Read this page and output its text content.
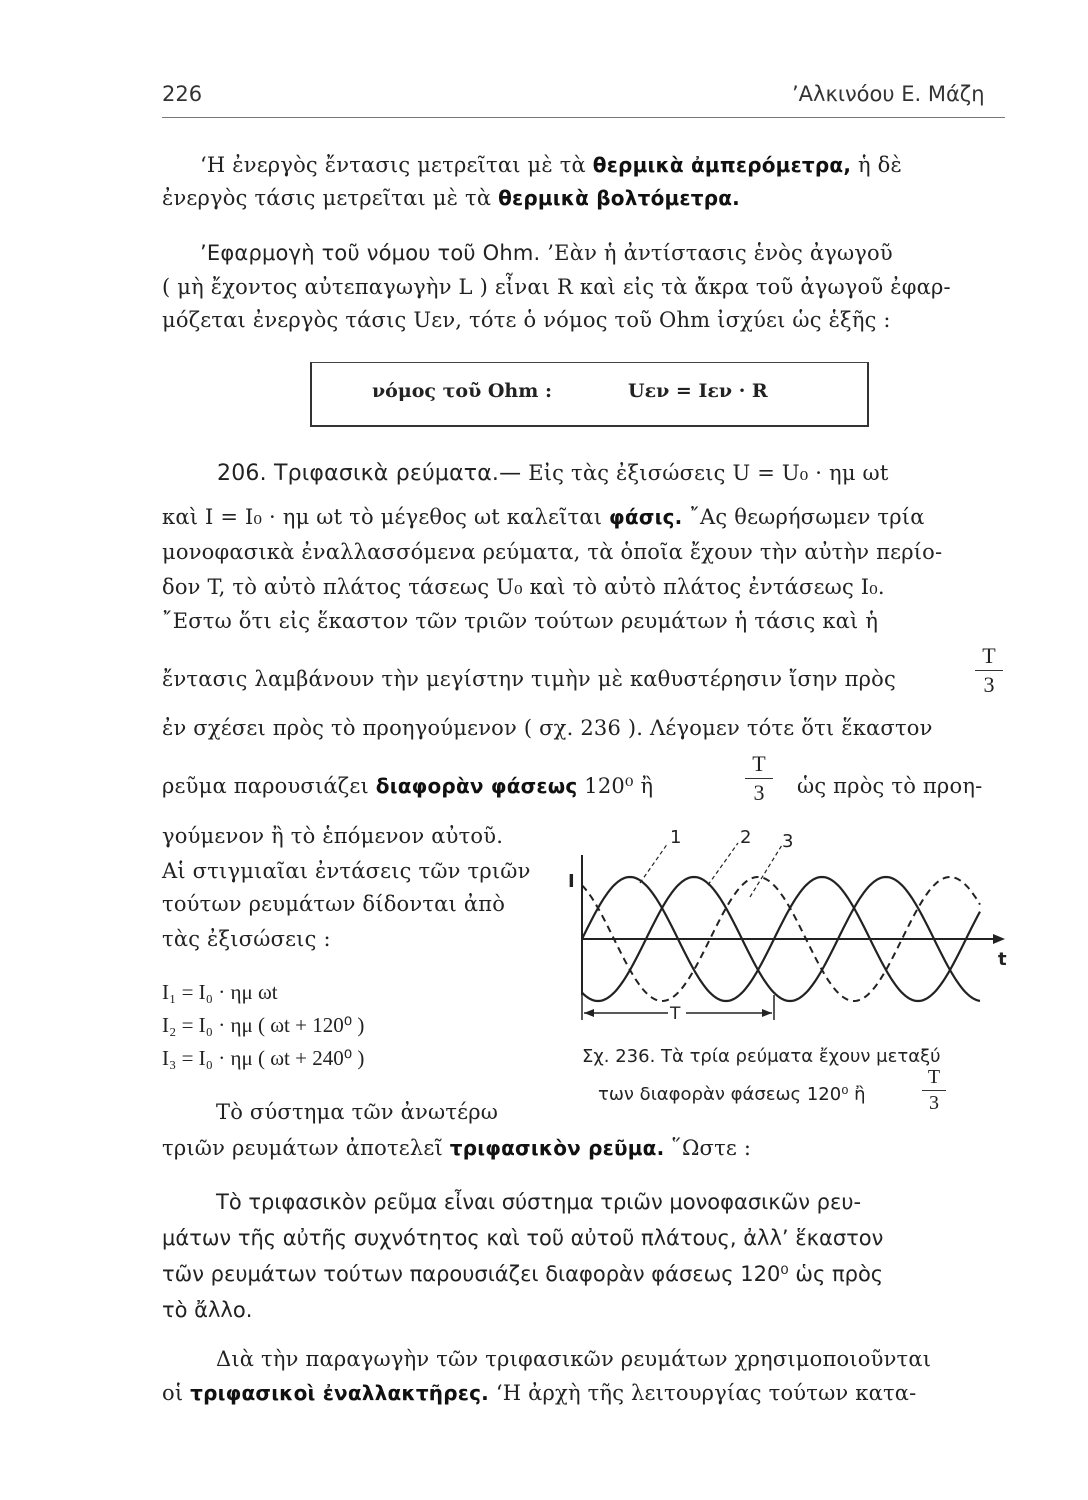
226	’Αλκινόου Ε. Μάζη
‘Η ἐνεργὸς ἔντασις μετρεῖται μὲ τὰ θερμικὰ ἀμπερόμετρα, ἡ δὲ
ἐνεργὸς τάσις μετρεῖται μὲ τὰ θερμικὰ βολτόμετρα.
’Εφαρμογὴ τοῦ νόμου τοῦ Ohm. ’Εὰν ἡ ἀντίστασις ἑνὸς ἀγωγοῦ
( μὴ ἔχοντος αὐτεπαγωγὴν L ) εἶναι R καὶ εἰς τὰ ἄκρα τοῦ ἀγωγοῦ ἐφαρ-
μόζεται ἐνεργὸς τάσις Uεν, τότε ὁ νόμος τοῦ Ohm ἰσχύει ὡς ἑξῆς :
νόμος τοῦ Ohm :	Uεν = Iεν · R
206. Τριφασικὰ ρεύματα.— Εἰς τὰς ἐξισώσεις U = U₀ · ημ ωt
καὶ I = I₀ · ημ ωt τὸ μέγεθος ωt καλεῖται φάσις. ῎Ας θεωρήσωμεν τρία
μονοφασικὰ ἐναλλασσόμενα ρεύματα, τὰ ὁποῖα ἔχουν τὴν αὐτὴν περίο-
δον T, τὸ αὐτὸ πλάτος τάσεως U₀ καὶ τὸ αὐτὸ πλάτος ἐντάσεως I₀.
῎Εστω ὅτι εἰς ἕκαστον τῶν τριῶν τούτων ρευμάτων ἡ τάσις καὶ ἡ
ἔντασις λαμβάνουν τὴν μεγίστην τιμὴν μὲ καθυστέρησιν ἴσην πρὸς
T
3
ἐν σχέσει πρὸς τὸ προηγούμενον ( σχ. 236 ). Λέγομεν τότε ὅτι ἕκαστον
ρεῦμα παρουσιάζει διαφορὰν φάσεως 120⁰ ἢ
T
3	ὡς πρὸς τὸ προη-
γούμενον ἢ τὸ ἑπόμενον αὐτοῦ.
Αἱ στιγμιαῖαι ἐντάσεις τῶν τριῶν
τούτων ρευμάτων δίδονται ἀπὸ
τὰς ἐξισώσεις :
I₁ = I₀ · ημ ωt
I₂ = I₀ · ημ ( ωt + 120⁰ )
I₃ = I₀ · ημ ( ωt + 240⁰ )
I
t
1	2 3
T
Σχ. 236. Τὰ τρία ρεύματα ἔχουν μεταξύ
των διαφορὰν φάσεως 120⁰ ἢ
T
3
Τὸ σύστημα τῶν ἀνωτέρω
τριῶν ρευμάτων ἀποτελεῖ τριφασικὸν ρεῦμα. ῞Ωστε :
Τὸ τριφασικὸν ρεῦμα εἶναι σύστημα τριῶν μονοφασικῶν ρευ-
μάτων τῆς αὐτῆς συχνότητος καὶ τοῦ αὐτοῦ πλάτους, ἀλλ’ ἕκαστον
τῶν ρευμάτων τούτων παρουσιάζει διαφορὰν φάσεως 120⁰ ὡς πρὸς
τὸ ἄλλο.
Διὰ τὴν παραγωγὴν τῶν τριφασικῶν ρευμάτων χρησιμοποιοῦνται
οἱ τριφασικοὶ ἐναλλακτῆρες. ‘Η ἀρχὴ τῆς λειτουργίας τούτων κατα-
